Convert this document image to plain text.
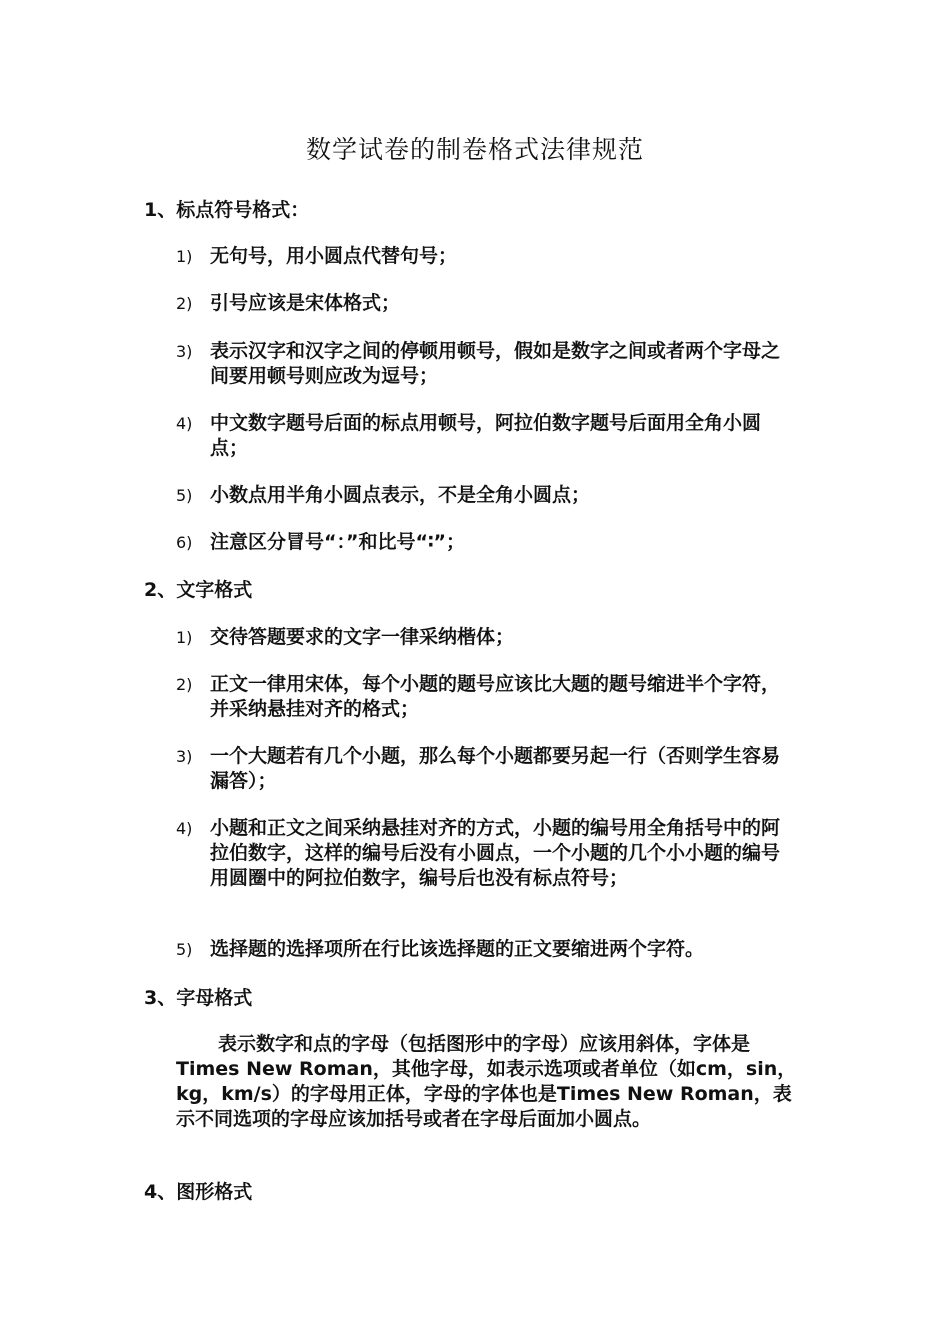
数学试卷的制卷格式法律规范
1、标点符号格式：
1) 无句号，用小圆点代替句号；
2) 引号应该是宋体格式；
3) 表示汉字和汉字之间的停顿用顿号，假如是数字之间或者两个字母之间要用顿号则应改为逗号；
4) 中文数字题号后面的标点用顿号，阿拉伯数字题号后面用全角小圆点；
5) 小数点用半角小圆点表示，不是全角小圆点；
6) 注意区分冒号“：”和比号“∶”；
2、文字格式
1) 交待答题要求的文字一律采纳楷体；
2) 正文一律用宋体，每个小题的题号应该比大题的题号缩进半个字符，并采纳悬挂对齐的格式；
3) 一个大题若有几个小题，那么每个小题都要另起一行（否则学生容易漏答）；
4) 小题和正文之间采纳悬挂对齐的方式，小题的编号用全角括号中的阿拉伯数字，这样的编号后没有小圆点，一个小题的几个小小题的编号用圆圈中的阿拉伯数字，编号后也没有标点符号；
5) 选择题的选择项所在行比该选择题的正文要缩进两个字符。
3、字母格式

表示数字和点的字母（包括图形中的字母）应该用斜体，字体是Times New Roman，其他字母，如表示选项或者单位（如cm，sin，kg，km/s）的字母用正体，字母的字体也是Times New Roman，表示不同选项的字母应该加括号或者在字母后面加小圆点。

4、图形格式
